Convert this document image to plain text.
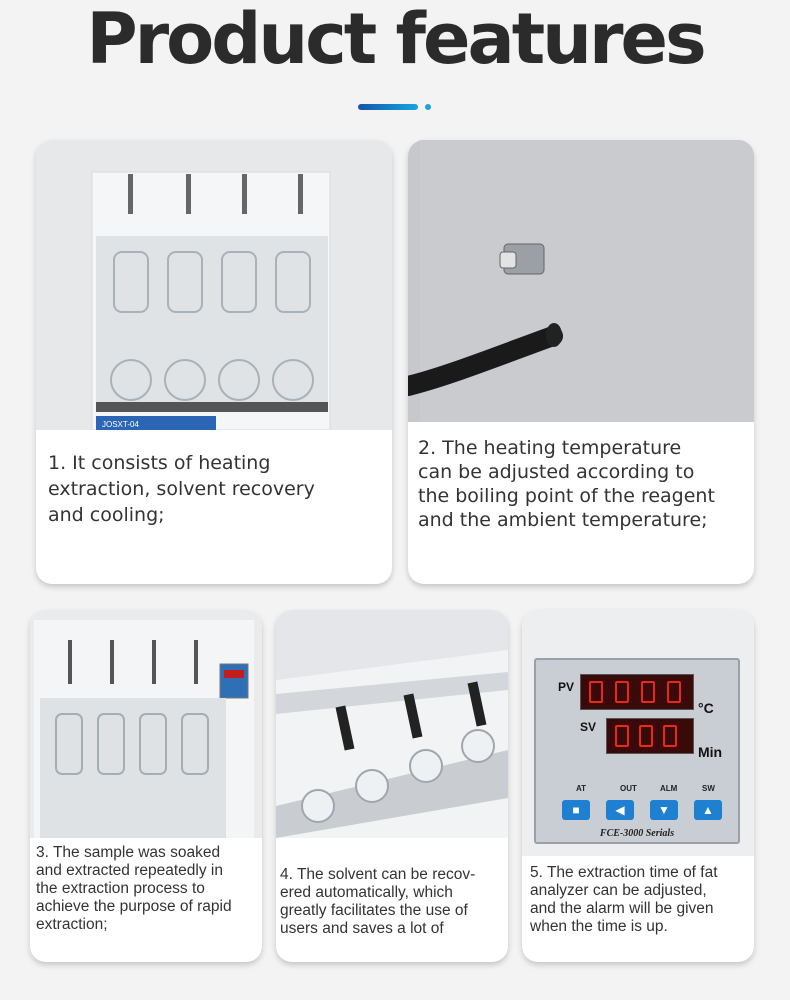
Product features
JOSXT-04
1. It consists of heating
extraction, solvent recovery
and cooling;
2. The heating temperature
can be adjusted according to
the boiling point of the reagent
and the ambient temperature;
3. The sample was soaked
and extracted repeatedly in
the extraction process to
achieve the purpose of rapid
extraction;
4. The solvent can be recov-
ered automatically, which
greatly facilitates the use of
users and saves a lot of
PV
°C
SV
Min
AT	OUT	ALM	SW
■	◀	▼	▲
FCE-3000 Serials
5. The extraction time of fat
analyzer can be adjusted,
and the alarm will be given
when the time is up.
